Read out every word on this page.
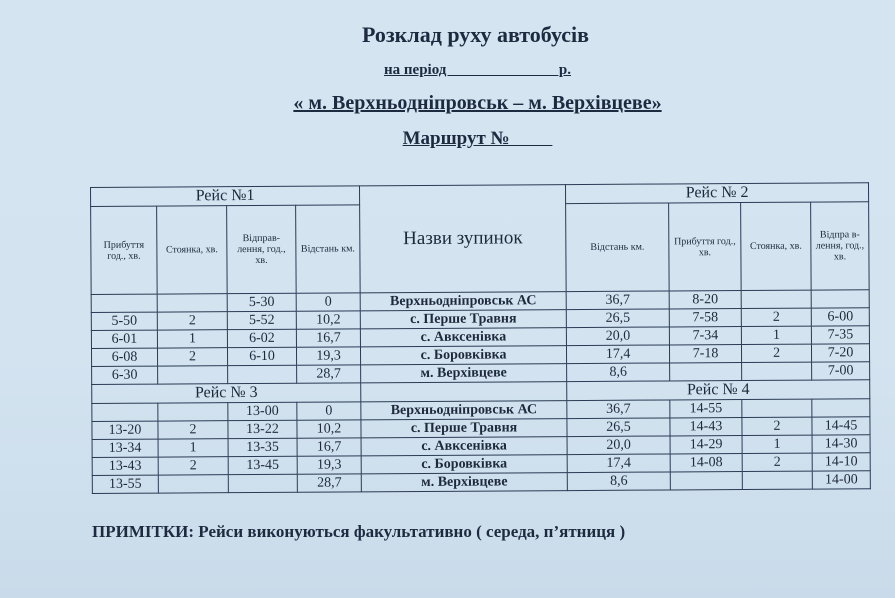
Розклад руху автобусів
на період                              р.
« м. Верхньодніпровськ – м. Верхівцеве»
Маршрут №
Рейс №1				Назви зупинок	Рейс № 2			
Прибуття год., хв.	Стоянка, хв.	Відправ-лення, год., хв.	Відстань км.		Відстань км.	Прибуття год., хв.	Стоянка, хв.	Відпра в-лення, год., хв.
		5-30	0	Верхньодніпровськ АС	36,7	8-20		
5-50	2	5-52	10,2	с. Перше Травня	26,5	7-58	2	6-00
6-01	1	6-02	16,7	с. Авксенівка	20,0	7-34	1	7-35
6-08	2	6-10	19,3	с. Боровківка	17,4	7-18	2	7-20
6-30			28,7	м. Верхівцеве	8,6			7-00
Рейс № 3					Рейс № 4			
		13-00	0	Верхньодніпровськ АС	36,7	14-55		
13-20	2	13-22	10,2	с. Перше Травня	26,5	14-43	2	14-45
13-34	1	13-35	16,7	с. Авксенівка	20,0	14-29	1	14-30
13-43	2	13-45	19,3	с. Боровківка	17,4	14-08	2	14-10
13-55			28,7	м. Верхівцеве	8,6			14-00
ПРИМІТКИ: Рейси виконуються факультативно ( середа, п’ятниця )
